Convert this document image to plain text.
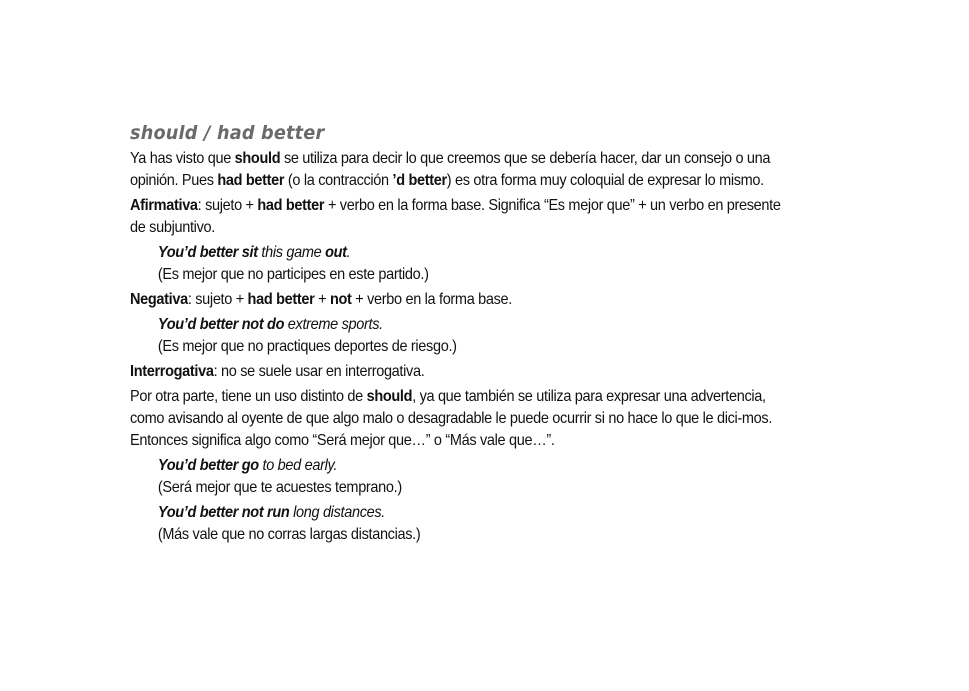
should / had better

Ya has visto que should se utiliza para decir lo que creemos que se debería hacer, dar un consejo o una opinión. Pues had better (o la contracción ’d better) es otra forma muy coloquial de expresar lo mismo.

Afirmativa: sujeto + had better + verbo en la forma base. Significa “Es mejor que” + un verbo en presente de subjuntivo.

You’d better sit this game out.
(Es mejor que no participes en este partido.)

Negativa: sujeto + had better + not + verbo en la forma base.

You’d better not do extreme sports.
(Es mejor que no practiques deportes de riesgo.)

Interrogativa: no se suele usar en interrogativa.

Por otra parte, tiene un uso distinto de should, ya que también se utiliza para expresar una advertencia, como avisando al oyente de que algo malo o desagradable le puede ocurrir si no hace lo que le dici-mos. Entonces significa algo como “Será mejor que…” o “Más vale que…”.

You’d better go to bed early.
(Será mejor que te acuestes temprano.)
You’d better not run long distances.
(Más vale que no corras largas distancias.)
